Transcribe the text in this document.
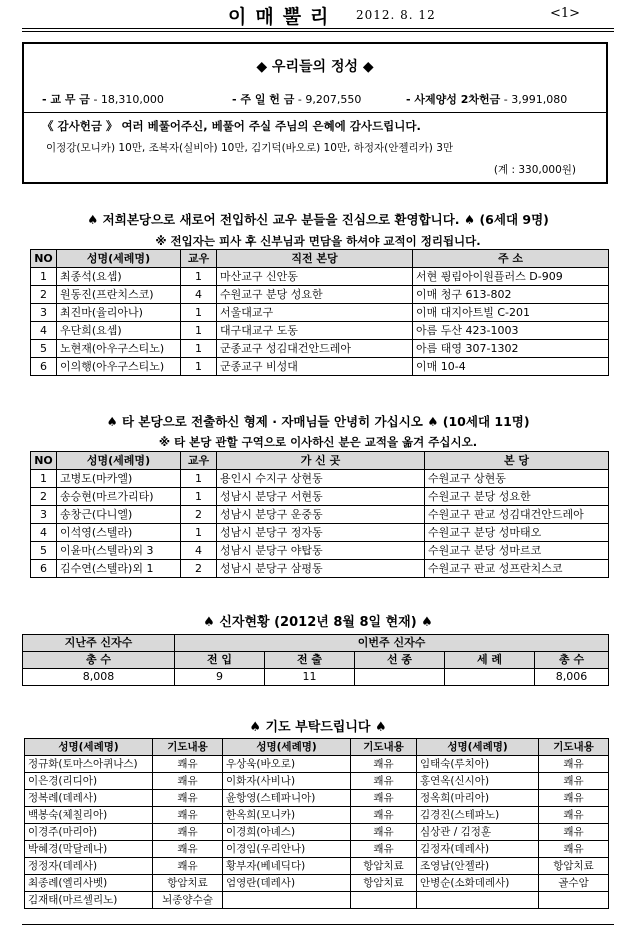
이매뿔리 2012. 8. 12	<1>
◆ 우리들의 정성 ◆
- 교 무 금 - 18,310,000	- 주 일 헌 금 - 9,207,550	- 사제양성 2차헌금 - 3,991,080
《 감사헌금 》 여러 베풀어주신, 베풀어 주실 주님의 은혜에 감사드립니다.
이정강(모니카) 10만, 조복자(실비아) 10만, 김기덕(바오로) 10만, 하정자(안젤리카) 3만
(계 : 330,000원)
♠ 저희본당으로 새로어 전입하신 교우 분들을 진심으로 환영합니다. ♠ (6세대 9명)
※ 전입자는 피사 후 신부님과 면담을 하셔야 교적이 정리됩니다.
NO	성명(세례명)	교우	직전 본당	주 소
1	최종석(요셉)	1	마산교구 신안동	서현 퓡림아이원플러스 D-909
2	원동진(프란치스코)	4	수원교구 분당 성요한	이매 청구 613-802
3	최진마(율리아나)	1	서울대교구	이매 대지아트빌 C-201
4	우단희(요셉)	1	대구대교구 도동	아름 두산 423-1003
5	노현재(아우구스티노)	1	군종교구 성김대건안드레아	아름 태영 307-1302
6	이의행(아우구스티노)	1	군종교구 비성대	이매 10-4
♠ 타 본당으로 전출하신 형제 · 자매님들 안녕히 가십시오 ♠ (10세대 11명)
※ 타 본당 관할 구역으로 이사하신 분은 교적을 옮겨 주십시오.
NO	성명(세례명)	교우	가 신 곳	본 당
1	고병도(마카엘)	1	용인시 수지구 상현동	수원교구 상현동
2	송승현(마르가리타)	1	성남시 분당구 서현동	수원교구 분당 성요한
3	송창근(다니엘)	2	성남시 분당구 운중동	수원교구 판교 성김대건안드레아
4	이석영(스텔라)	1	성남시 분당구 정자동	수원교구 분당 성마태오
5	이윤마(스텔라)외 3	4	성남시 분당구 야탑동	수원교구 분당 성마르코
6	김수연(스텔라)외 1	2	성남시 분당구 삼평동	수원교구 판교 성프란치스코
♠ 신자현황 (2012년 8월 8일 현재) ♠
지난주 신자수	이번주 신자수				
총 수	전 입	전 출	선 종	세 례	총 수
8,008	9	11			8,006
♠ 기도 부탁드립니다 ♠
성명(세례명)	기도내용	성명(세례명)	기도내용	성명(세례명)	기도내용
정규화(토마스아퀴나스)	쾌유	우상욱(바오로)	쾌유	임태숙(루치아)	쾌유
이은경(리디아)	쾌유	이화자(사비나)	쾌유	홍연옥(신시아)	쾌유
정복례(데레사)	쾌유	윤항영(스테파니아)	쾌유	정옥희(마리아)	쾌유
백봉숙(체칠리아)	쾌유	한옥희(모니카)	쾌유	김경진(스테파노)	쾌유
이경주(마리아)	쾌유	이경희(아녜스)	쾌유	심상관 / 김정훈	쾌유
박혜경(막달레나)	쾌유	이경임(우리안나)	쾌유	김정자(데레사)	쾌유
정정자(데레사)	쾌유	황부자(베네딕다)	항암치료	조영남(안젤라)	항암치료
최종례(엘리사벳)	항암치료	엄영란(데레사)	항암치료	안병순(소화데레사)	골수암
김재태(마르셀리노)	뇌종양수술				
